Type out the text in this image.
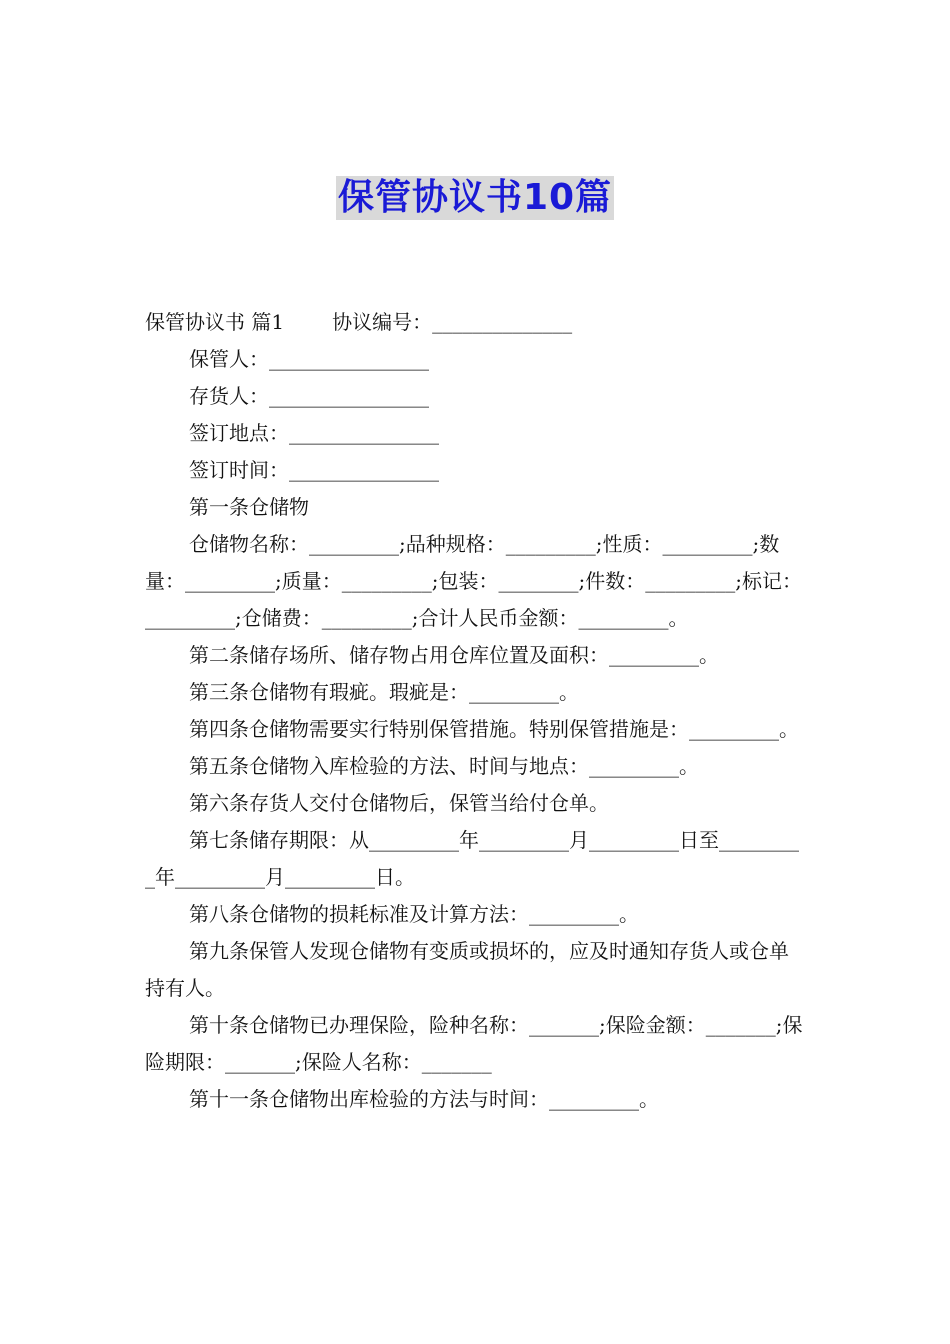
保管协议书10篇

保管协议书 篇1 协议编号：______________

保管人：________________

存货人：________________

签订地点：_______________

签订时间：_______________

第一条仓储物

仓储物名称：_________;品种规格：_________;性质：_________;数量：_________;质量：_________;包装：________;件数：_________;标记：_________;仓储费：_________;合计人民币金额：_________。

第二条储存场所、储存物占用仓库位置及面积：_________。

第三条仓储物有瑕疵。瑕疵是：_________。

第四条仓储物需要实行特别保管措施。特别保管措施是：_________。

第五条仓储物入库检验的方法、时间与地点：_________。

第六条存货人交付仓储物后，保管当给付仓单。

第七条储存期限：从_________年_________月_________日至_________年_________月_________日。

第八条仓储物的损耗标准及计算方法：_________。

第九条保管人发现仓储物有变质或损坏的，应及时通知存货人或仓单持有人。

第十条仓储物已办理保险，险种名称：_______;保险金额：_______;保险期限：_______;保险人名称：_______

第十一条仓储物出库检验的方法与时间：_________。
